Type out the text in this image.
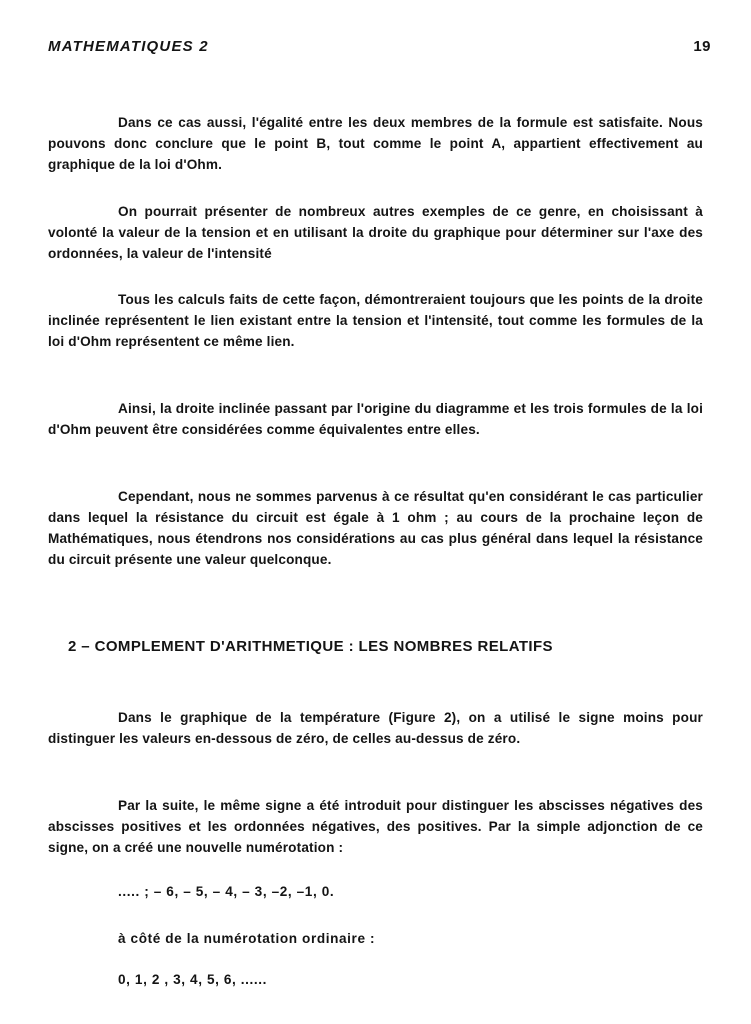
MATHEMATIQUES 2	19

Dans ce cas aussi, l'égalité entre les deux membres de la formule est satisfaite. Nous pouvons donc conclure que le point B, tout comme le point A, appartient effectivement au graphique de la loi d'Ohm.

On pourrait présenter de nombreux autres exemples de ce genre, en choisissant à volonté la valeur de la tension et en utilisant la droite du graphique pour déterminer sur l'axe des ordonnées, la valeur de l'intensité

Tous les calculs faits de cette façon, démontreraient toujours que les points de la droite inclinée représentent le lien existant entre la tension et l'intensité, tout comme les formules de la loi d'Ohm représentent ce même lien.

Ainsi, la droite inclinée passant par l'origine du diagramme et les trois formules de la loi d'Ohm peuvent être considérées comme équivalentes entre elles.

Cependant, nous ne sommes parvenus à ce résultat qu'en considérant le cas particulier dans lequel la résistance du circuit est égale à 1 ohm ; au cours de la prochaine leçon de Mathématiques, nous étendrons nos considérations au cas plus général dans lequel la résistance du circuit présente une valeur quelconque.

2 – COMPLEMENT D'ARITHMETIQUE : LES NOMBRES RELATIFS

Dans le graphique de la température (Figure 2), on a utilisé le signe moins pour distinguer les valeurs en-dessous de zéro, de celles au-dessus de zéro.

Par la suite, le même signe a été introduit pour distinguer les abscisses négatives des abscisses positives et les ordonnées négatives, des positives. Par la simple adjonction de ce signe, on a créé une nouvelle numérotation :

..... ; – 6, – 5, – 4, – 3, –2, –1, 0.

à côté de la numérotation ordinaire :

0, 1, 2 , 3, 4, 5, 6, ......
